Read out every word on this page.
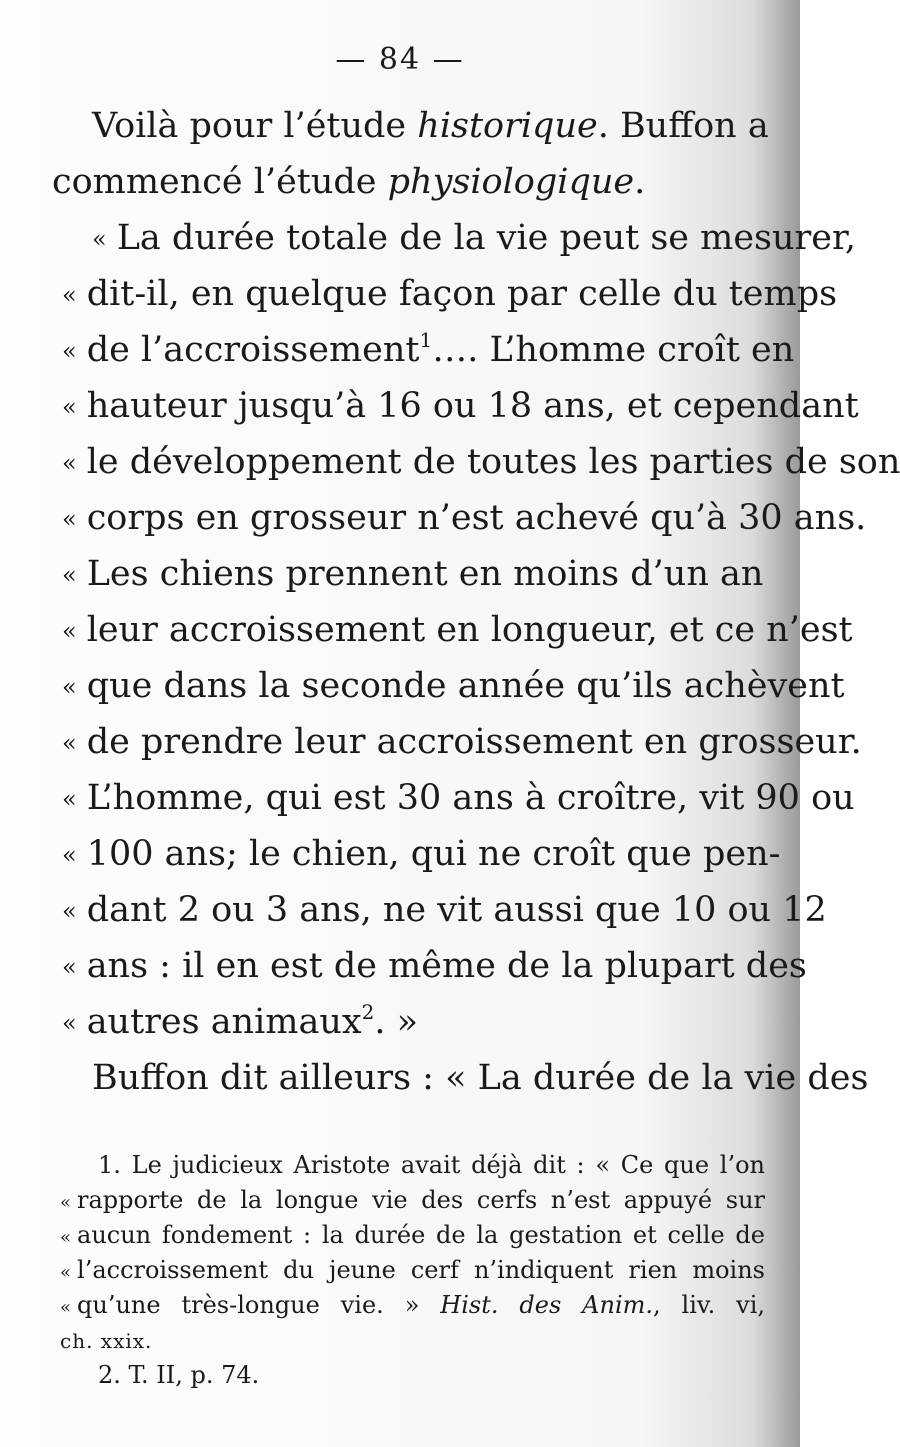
— 84 —
Voilà pour l’étude historique. Buffon a
commencé l’étude physiologique.
« La durée totale de la vie peut se mesurer,
« dit-il, en quelque façon par celle du temps
« de l’accroissement$^1$…. L’homme croît en
« hauteur jusqu’à 16 ou 18 ans, et cependant
« le développement de toutes les parties de son
« corps en grosseur n’est achevé qu’à 30 ans.
« Les chiens prennent en moins d’un an
« leur accroissement en longueur, et ce n’est
« que dans la seconde année qu’ils achèvent
« de prendre leur accroissement en grosseur.
« L’homme, qui est 30 ans à croître, vit 90 ou
« 100 ans; le chien, qui ne croît que pen-
« dant 2 ou 3 ans, ne vit aussi que 10 ou 12
« ans : il en est de même de la plupart des
« autres animaux$^2$. »
Buffon dit ailleurs : « La durée de la vie des
1. Le judicieux Aristote avait déjà dit : « Ce que l’on
« rapporte de la longue vie des cerfs n’est appuyé sur
« aucun fondement : la durée de la gestation et celle de
« l’accroissement du jeune cerf n’indiquent rien moins
« qu’une très-longue vie. » Hist. des Anim., liv. vi,
ch. xxix.
2. T. II, p. 74.
